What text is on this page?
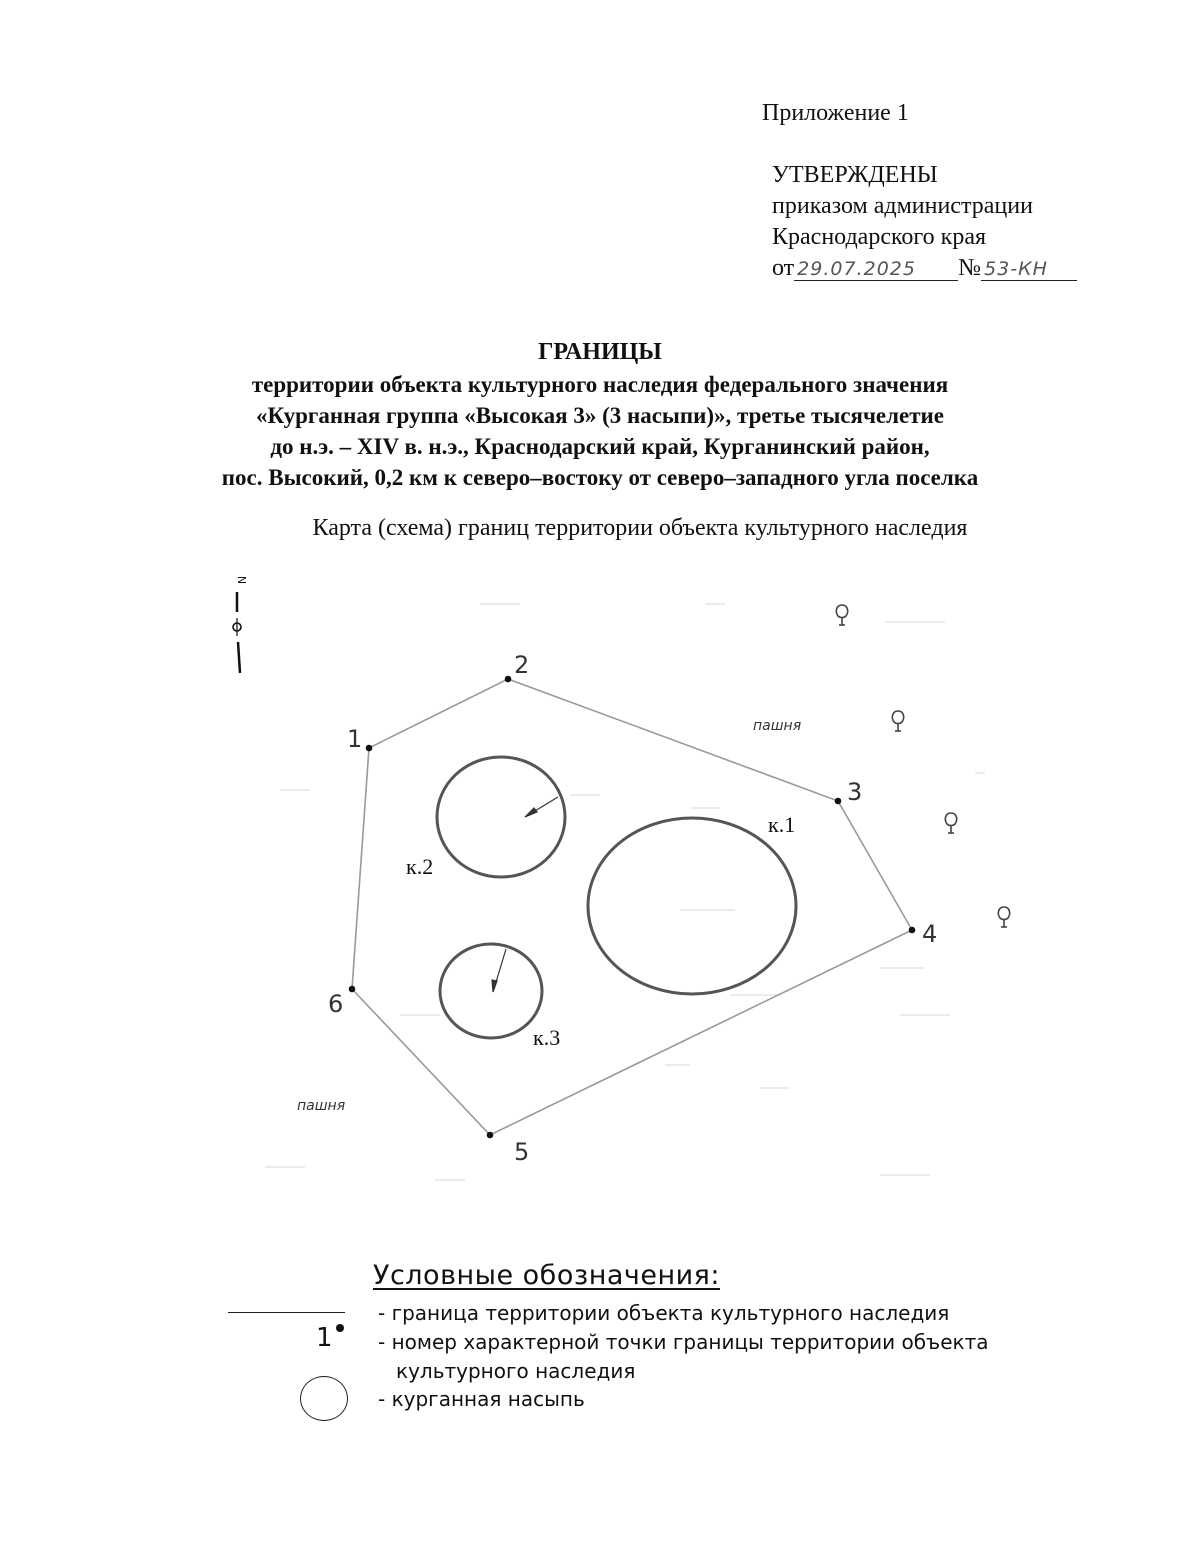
Приложение 1
УТВЕРЖДЕНЫ
приказом администрации
Краснодарского края
от 29.07.2025 № 53-КН
ГРАНИЦЫ
территории объекта культурного наследия федерального значения
«Курганная группа «Высокая 3» (3 насыпи)», третье тысячелетие
до н.э. – XIV в. н.э., Краснодарский край, Курганинский район,
пос. Высокий, 0,2 км к северо–востоку от северо–западного угла поселка
Карта (схема) границ территории объекта культурного наследия
N
1
2
3
4
5
6
к.1
к.2
к.3
пашня
пашня
Условные обозначения:
- граница территории объекта культурного наследия
1	- номер характерной точки границы территории объекта
культурного наследия
- курганная насыпь
